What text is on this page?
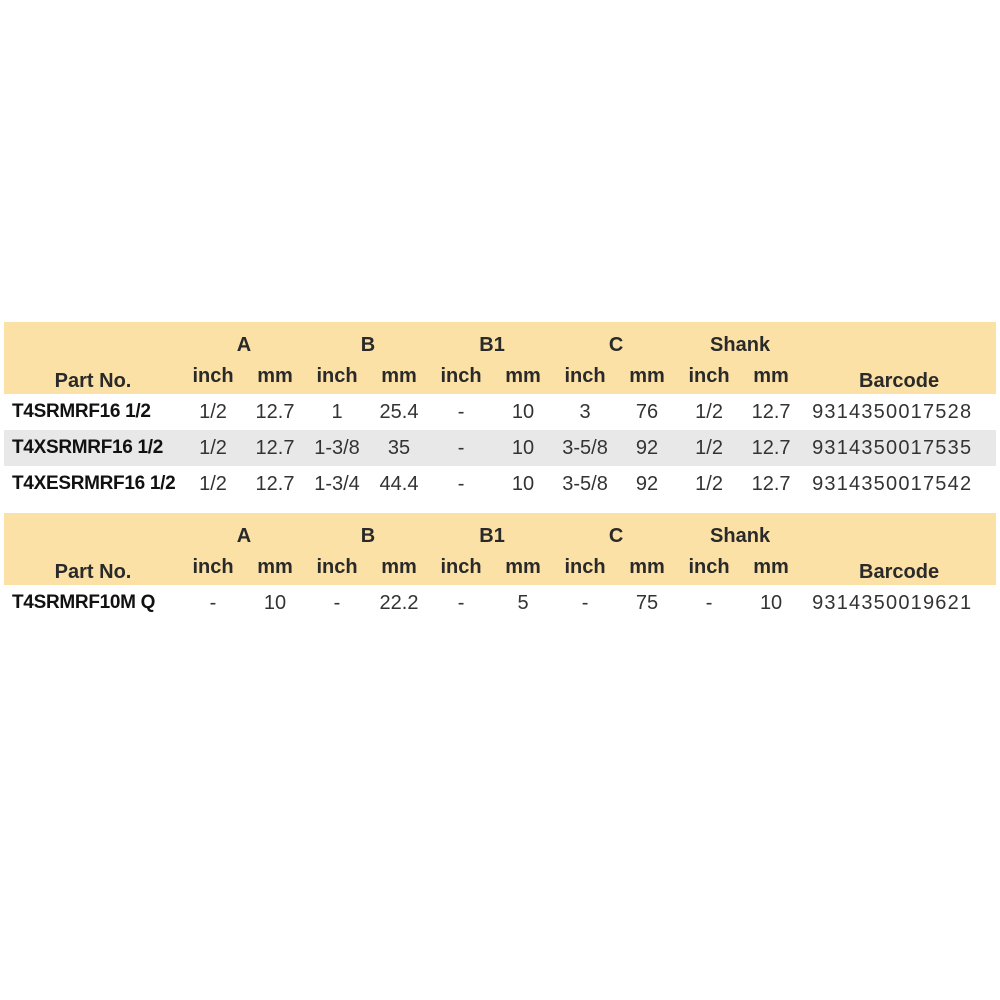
Part No.	A		B		B1		C		Shank		Barcode
	inch	mm	inch	mm	inch	mm	inch	mm	inch	mm	
T4SRMRF16 1/2	1/2	12.7	1	25.4	-	10	3	76	1/2	12.7	9314350017528
T4XSRMRF16 1/2	1/2	12.7	1-3/8	35	-	10	3-5/8	92	1/2	12.7	9314350017535
T4XESRMRF16 1/2	1/2	12.7	1-3/4	44.4	-	10	3-5/8	92	1/2	12.7	9314350017542
Part No.	A		B		B1		C		Shank		Barcode
	inch	mm	inch	mm	inch	mm	inch	mm	inch	mm	
T4SRMRF10M Q	-	10	-	22.2	-	5	-	75	-	10	9314350019621
